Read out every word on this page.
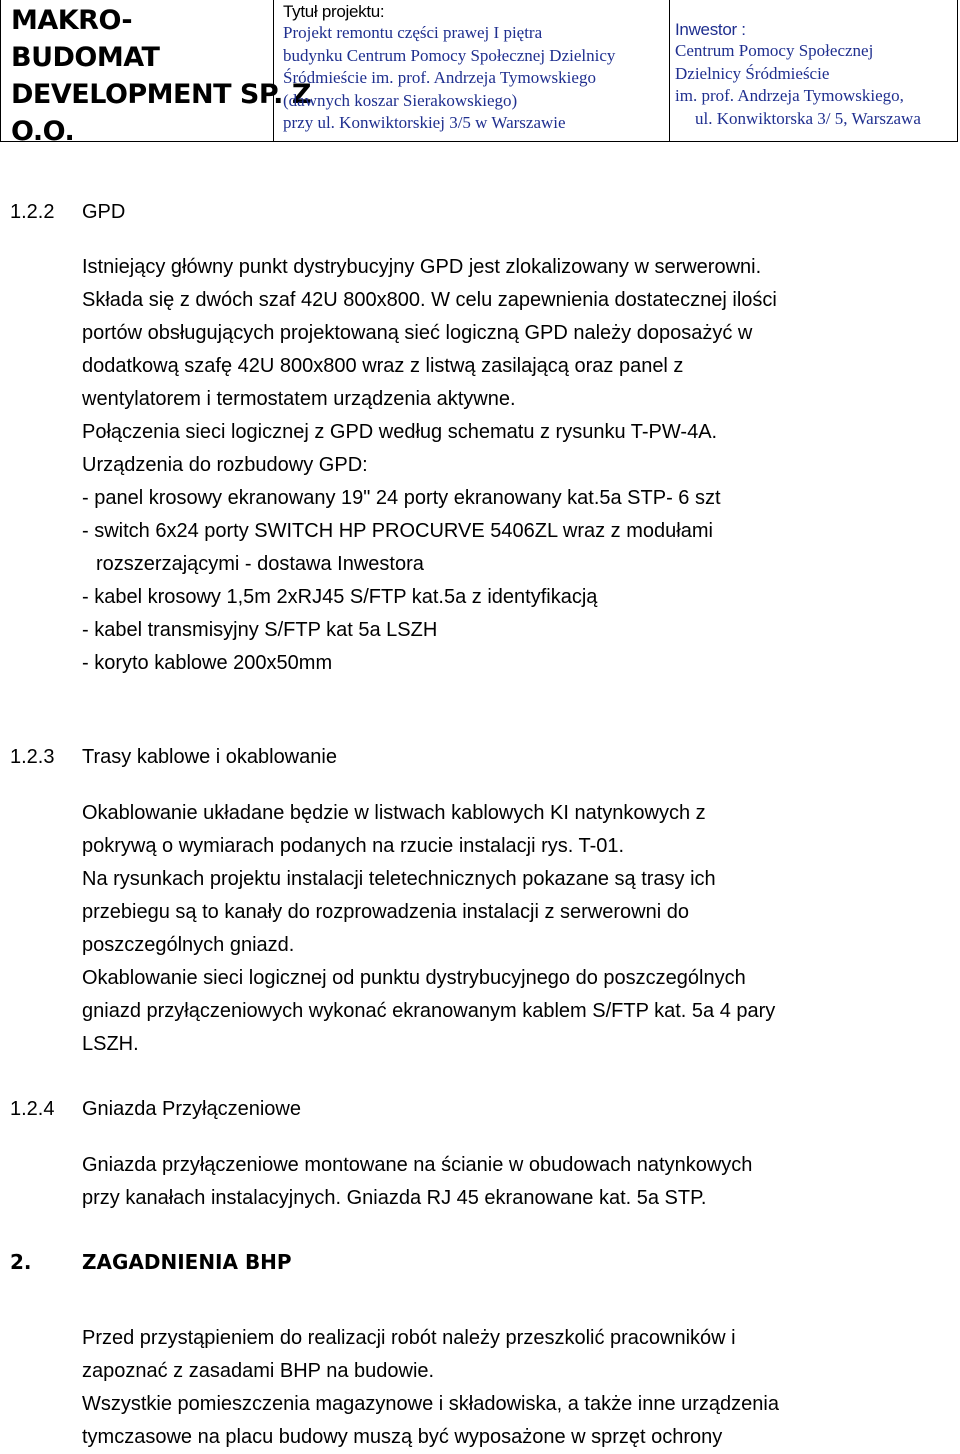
MAKRO-
BUDOMAT
DEVELOPMENT SP. Z
O.O.
Tytuł projektu:
Projekt remontu części prawej I piętra
budynku Centrum Pomocy Społecznej Dzielnicy
Śródmieście im. prof. Andrzeja Tymowskiego
(dawnych koszar Sierakowskiego)
przy ul. Konwiktorskiej 3/5 w Warszawie
Inwestor :
Centrum Pomocy Społecznej
Dzielnicy Śródmieście
im. prof. Andrzeja Tymowskiego,
ul. Konwiktorska 3/ 5, Warszawa
1.2.2 GPD
Istniejący główny punkt dystrybucyjny GPD jest zlokalizowany w serwerowni.
Składa się z dwóch szaf 42U 800x800. W celu zapewnienia dostatecznej ilości
portów obsługujących projektowaną sieć logiczną GPD należy doposażyć w
dodatkową szafę 42U 800x800 wraz z listwą zasilającą oraz panel z
wentylatorem i termostatem urządzenia aktywne.
Połączenia sieci logicznej z GPD według schematu z rysunku T-PW-4A.
Urządzenia do rozbudowy GPD:
- panel krosowy ekranowany 19" 24 porty ekranowany kat.5a STP- 6 szt
- switch 6x24 porty SWITCH HP PROCURVE 5406ZL wraz z modułami
rozszerzającymi - dostawa Inwestora
- kabel krosowy 1,5m 2xRJ45 S/FTP kat.5a z identyfikacją
- kabel transmisyjny S/FTP kat 5a LSZH
- koryto kablowe 200x50mm
1.2.3 Trasy kablowe i okablowanie
Okablowanie układane będzie w listwach kablowych KI natynkowych z
pokrywą o wymiarach podanych na rzucie instalacji rys. T-01.
Na rysunkach projektu instalacji teletechnicznych pokazane są trasy ich
przebiegu są to kanały do rozprowadzenia instalacji z serwerowni do
poszczególnych gniazd.
Okablowanie sieci logicznej od punktu dystrybucyjnego do poszczególnych
gniazd przyłączeniowych wykonać ekranowanym kablem S/FTP kat. 5a 4 pary
LSZH.
1.2.4 Gniazda Przyłączeniowe
Gniazda przyłączeniowe montowane na ścianie w obudowach natynkowych
przy kanałach instalacyjnych. Gniazda RJ 45 ekranowane kat. 5a STP.
2.	ZAGADNIENIA BHP
Przed przystąpieniem do realizacji robót należy przeszkolić pracowników i
zapoznać z zasadami BHP na budowie.
Wszystkie pomieszczenia magazynowe i składowiska, a także inne urządzenia
tymczasowe na placu budowy muszą być wyposażone w sprzęt ochrony
